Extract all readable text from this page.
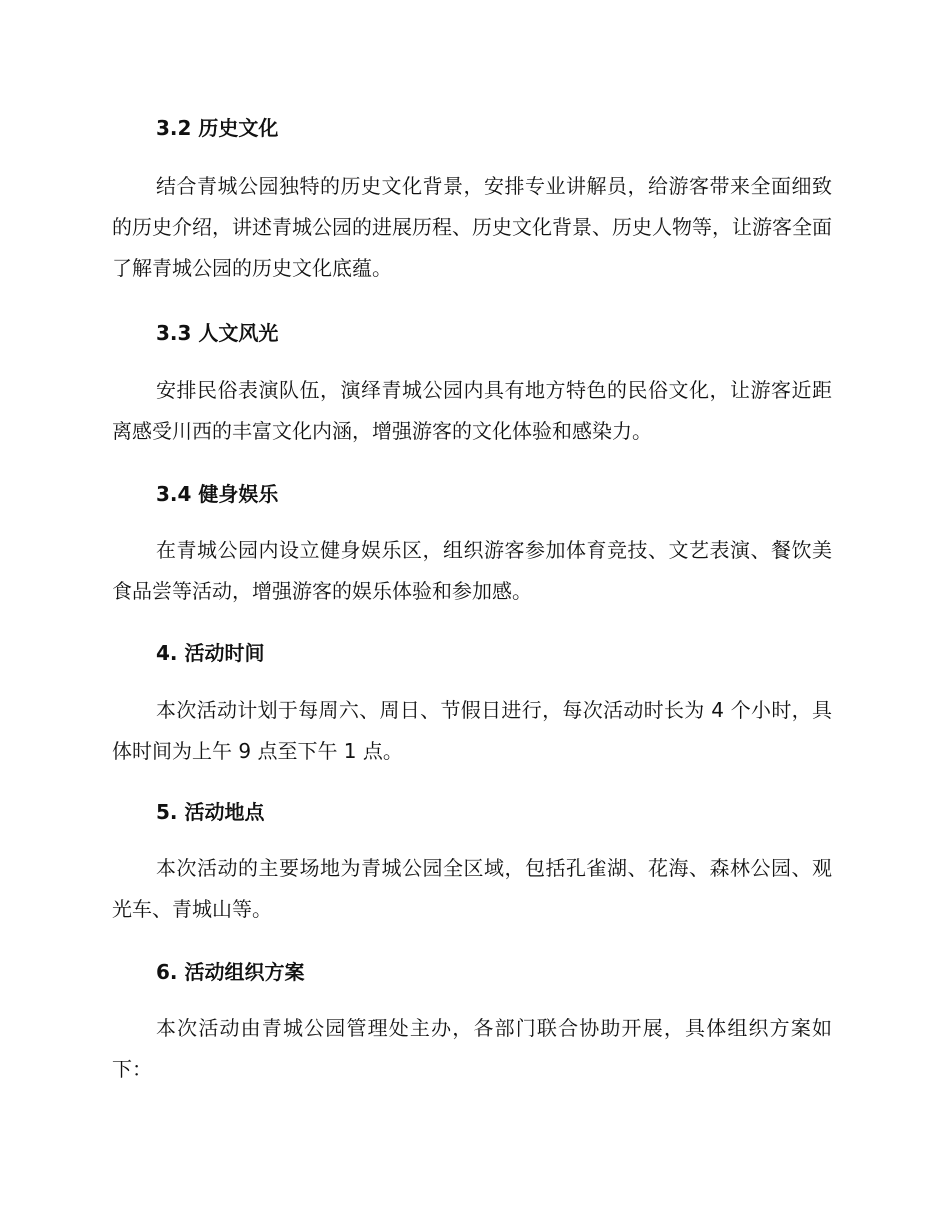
3.2 历史文化
结合青城公园独特的历史文化背景，安排专业讲解员，给游客带来全面细致的历史介绍，讲述青城公园的进展历程、历史文化背景、历史人物等，让游客全面了解青城公园的历史文化底蕴。
3.3 人文风光
安排民俗表演队伍，演绎青城公园内具有地方特色的民俗文化，让游客近距离感受川西的丰富文化内涵，增强游客的文化体验和感染力。
3.4 健身娱乐
在青城公园内设立健身娱乐区，组织游客参加体育竞技、文艺表演、餐饮美食品尝等活动，增强游客的娱乐体验和参加感。
4. 活动时间
本次活动计划于每周六、周日、节假日进行，每次活动时长为 4 个小时，具体时间为上午 9 点至下午 1 点。
5. 活动地点
本次活动的主要场地为青城公园全区域，包括孔雀湖、花海、森林公园、观光车、青城山等。
6. 活动组织方案
本次活动由青城公园管理处主办，各部门联合协助开展，具体组织方案如下：
